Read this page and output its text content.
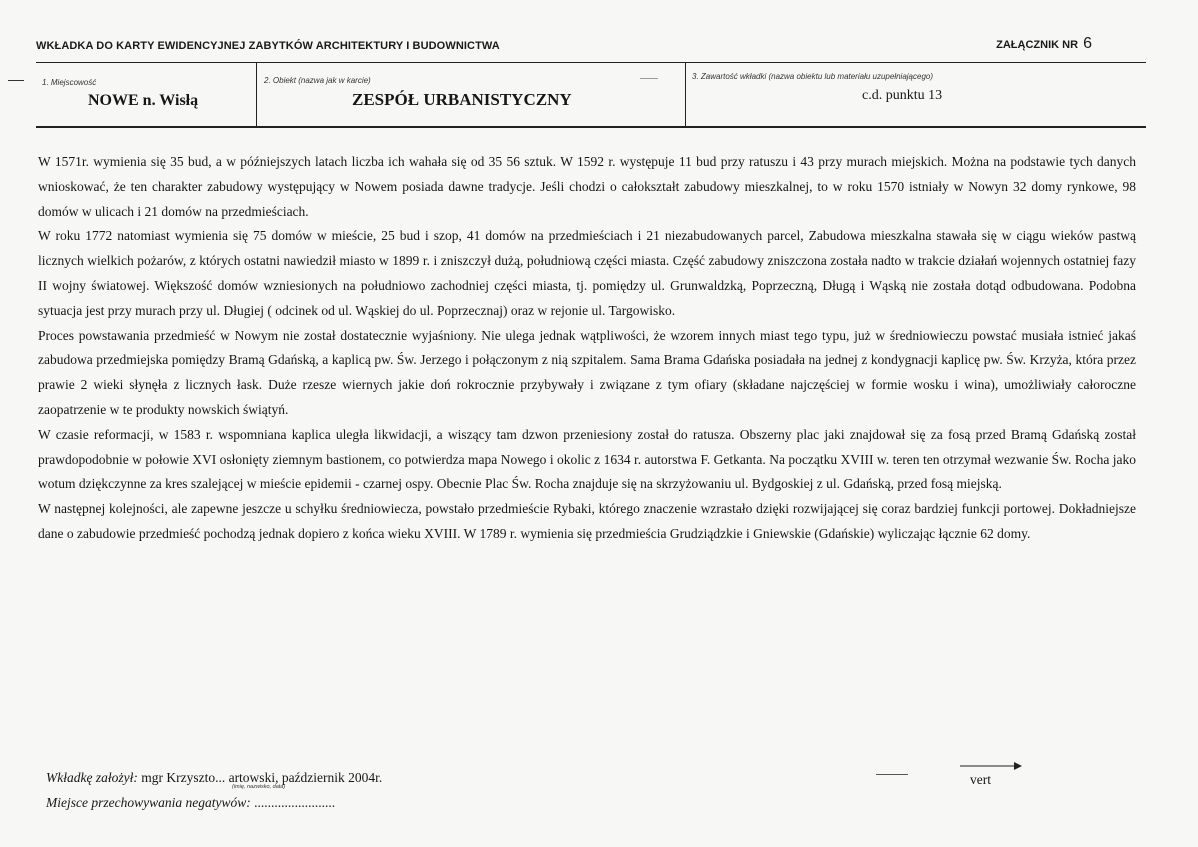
WKŁADKA DO KARTY EWIDENCYJNEJ ZABYTKÓW ARCHITEKTURY I BUDOWNICTWA	ZAŁĄCZNIK NR 6
1. Miejscowość
NOWE n. Wisłą
2. Obiekt (nazwa jak w karcie)
ZESPÓŁ URBANISTYCZNY
3. Zawartość wkładki (nazwa obiektu lub materiału uzupełniającego)
c.d. punktu 13

W 1571r. wymienia się 35 bud, a w późniejszych latach liczba ich wahała się od 35 56 sztuk. W 1592 r. występuje 11 bud przy ratuszu i 43 przy murach miejskich. Można na podstawie tych danych wnioskować, że ten charakter zabudowy występujący w Nowem posiada dawne tradycje. Jeśli chodzi o całokształt zabudowy mieszkalnej, to w roku 1570 istniały w Nowyn 32 domy rynkowe, 98 domów w ulicach i 21 domów na przedmieściach.

W roku 1772 natomiast wymienia się 75 domów w mieście, 25 bud i szop, 41 domów na przedmieściach i 21 niezabudowanych parcel, Zabudowa mieszkalna stawała się w ciągu wieków pastwą licznych wielkich pożarów, z których ostatni nawiedził miasto w 1899 r. i zniszczył dużą, południową części miasta. Część zabudowy zniszczona została nadto w trakcie działań wojennych ostatniej fazy II wojny światowej. Większość domów wzniesionych na południowo zachodniej części miasta, tj. pomiędzy ul. Grunwaldzką, Poprzeczną, Długą i Wąską nie została dotąd odbudowana. Podobna sytuacja jest przy murach przy ul. Długiej ( odcinek od ul. Wąskiej do ul. Poprzecznaj) oraz w rejonie ul. Targowisko.

Proces powstawania przedmieść w Nowym nie został dostatecznie wyjaśniony. Nie ulega jednak wątpliwości, że wzorem innych miast tego typu, już w średniowieczu powstać musiała istnieć jakaś zabudowa przedmiejska pomiędzy Bramą Gdańską, a kaplicą pw. Św. Jerzego i połączonym z nią szpitalem. Sama Brama Gdańska posiadała na jednej z kondygnacji kaplicę pw. Św. Krzyża, która przez prawie 2 wieki słynęła z licznych łask. Duże rzesze wiernych jakie doń rokrocznie przybywały i związane z tym ofiary (składane najczęściej w formie wosku i wina), umożliwiały całoroczne zaopatrzenie w te produkty nowskich świątyń.

W czasie reformacji, w 1583 r. wspomniana kaplica uległa likwidacji, a wiszący tam dzwon przeniesiony został do ratusza. Obszerny plac jaki znajdował się za fosą przed Bramą Gdańską został prawdopodobnie w połowie XVI osłonięty ziemnym bastionem, co potwierdza mapa Nowego i okolic z 1634 r. autorstwa F. Getkanta. Na początku XVIII w. teren ten otrzymał wezwanie Św. Rocha jako wotum dziękczynne za kres szalejącej w mieście epidemii - czarnej ospy. Obecnie Plac Św. Rocha znajduje się na skrzyżowaniu ul. Bydgoskiej z ul. Gdańską, przed fosą miejską.

W następnej kolejności, ale zapewne jeszcze u schyłku średniowiecza, powstało przedmieście Rybaki, którego znaczenie wzrastało dzięki rozwijającej się coraz bardziej funkcji portowej. Dokładniejsze dane o zabudowie przedmieść pochodzą jednak dopiero z końca wieku XVIII. W 1789 r. wymienia się przedmieścia Grudziądzkie i Gniewskie (Gdańskie) wyliczając łącznie 62 domy.

Wkładkę założył: mgr Krzyszto... artowski, październik 2004r.
(imię, nazwisko, data)
Miejsce przechowywania negatywów: ........................
vert
